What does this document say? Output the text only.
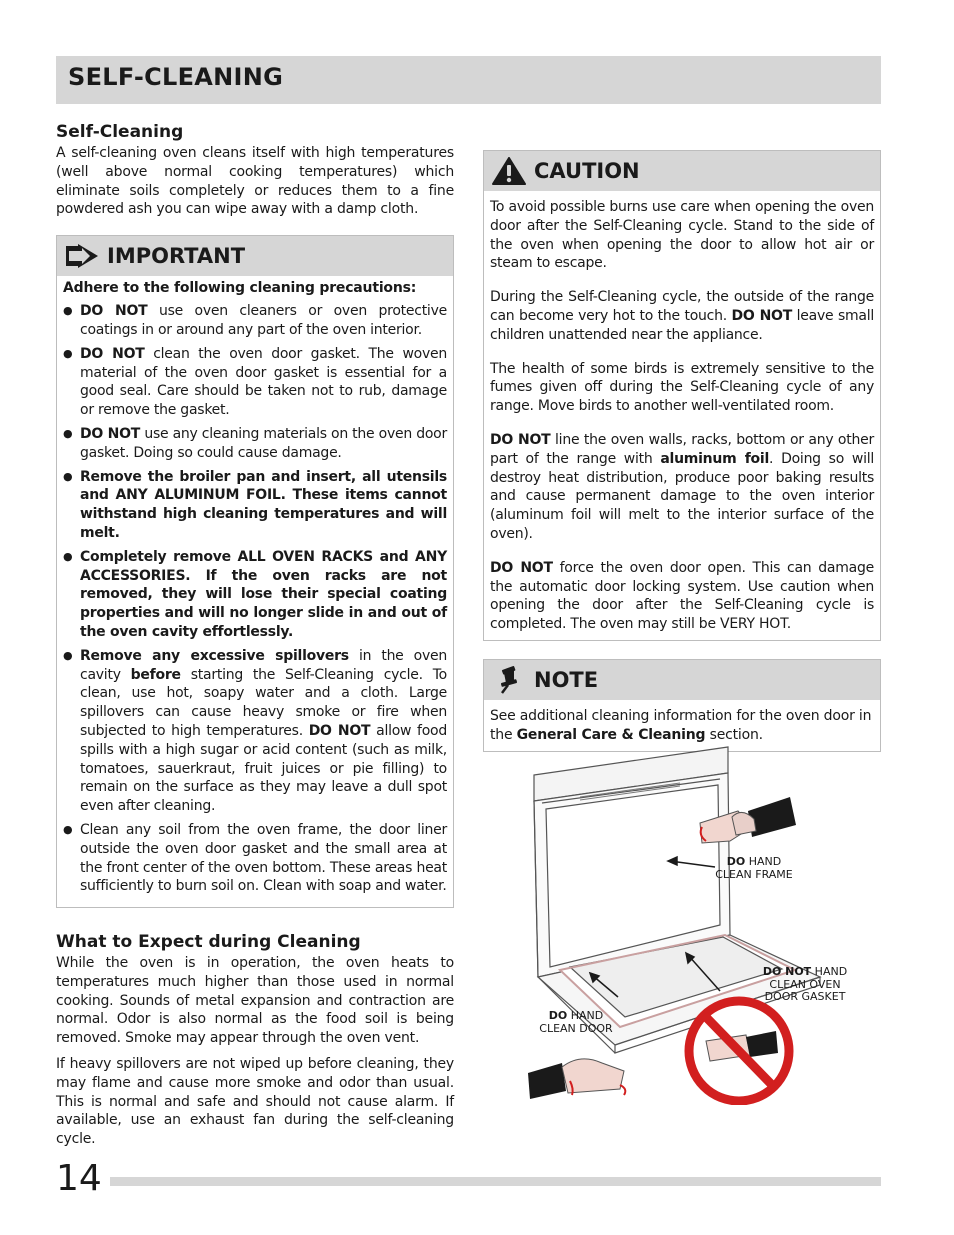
SELF-CLEANING
Self-Cleaning

A self-cleaning oven cleans itself with high temperatures (well above normal cooking temperatures) which eliminate soils completely or reduces them to a fine powdered ash you can wipe away with a damp cloth.

IMPORTANT
Adhere to the following cleaning precautions:
● DO NOT use oven cleaners or oven protective coatings in or around any part of the oven interior.
● DO NOT clean the oven door gasket. The woven material of the oven door gasket is essential for a good seal. Care should be taken not to rub, damage or remove the gasket.
● DO NOT use any cleaning materials on the oven door gasket. Doing so could cause damage.
● Remove the broiler pan and insert, all utensils and ANY ALUMINUM FOIL. These items cannot withstand high cleaning temperatures and will melt.
● Completely remove ALL OVEN RACKS and ANY ACCESSORIES. If the oven racks are not removed, they will lose their special coating properties and will no longer slide in and out of the oven cavity effortlessly.
● Remove any excessive spillovers in the oven cavity before starting the Self-Cleaning cycle. To clean, use hot, soapy water and a cloth. Large spillovers can cause heavy smoke or fire when subjected to high temperatures. DO NOT allow food spills with a high sugar or acid content (such as milk, tomatoes, sauerkraut, fruit juices or pie filling) to remain on the surface as they may leave a dull spot even after cleaning.
● Clean any soil from the oven frame, the door liner outside the oven door gasket and the small area at the front center of the oven bottom. These areas heat sufficiently to burn soil on. Clean with soap and water.
What to Expect during Cleaning

While the oven is in operation, the oven heats to temperatures much higher than those used in normal cooking. Sounds of metal expansion and contraction are normal. Odor is also normal as the food soil is being removed. Smoke may appear through the oven vent.

If heavy spillovers are not wiped up before cleaning, they may flame and cause more smoke and odor than usual. This is normal and safe and should not cause alarm. If available, use an exhaust fan during the self-cleaning cycle.

CAUTION

To avoid possible burns use care when opening the oven door after the Self-Cleaning cycle. Stand to the side of the oven when opening the door to allow hot air or steam to escape.

During the Self-Cleaning cycle, the outside of the range can become very hot to the touch. DO NOT leave small children unattended near the appliance.

The health of some birds is extremely sensitive to the fumes given off during the Self-Cleaning cycle of any range. Move birds to another well-ventilated room.

DO NOT line the oven walls, racks, bottom or any other part of the range with aluminum foil. Doing so will destroy heat distribution, produce poor baking results and cause permanent damage to the oven interior (aluminum foil will melt to the interior surface of the oven).

DO NOT force the oven door open. This can damage the automatic door locking system. Use caution when opening the door after the Self-Cleaning cycle is completed. The oven may still be VERY HOT.

NOTE

See additional cleaning information for the oven door in the General Care & Cleaning section.

DO HAND
CLEAN FRAME
DO NOT HAND
CLEAN OVEN
DOOR GASKET
DO HAND
CLEAN DOOR
14
